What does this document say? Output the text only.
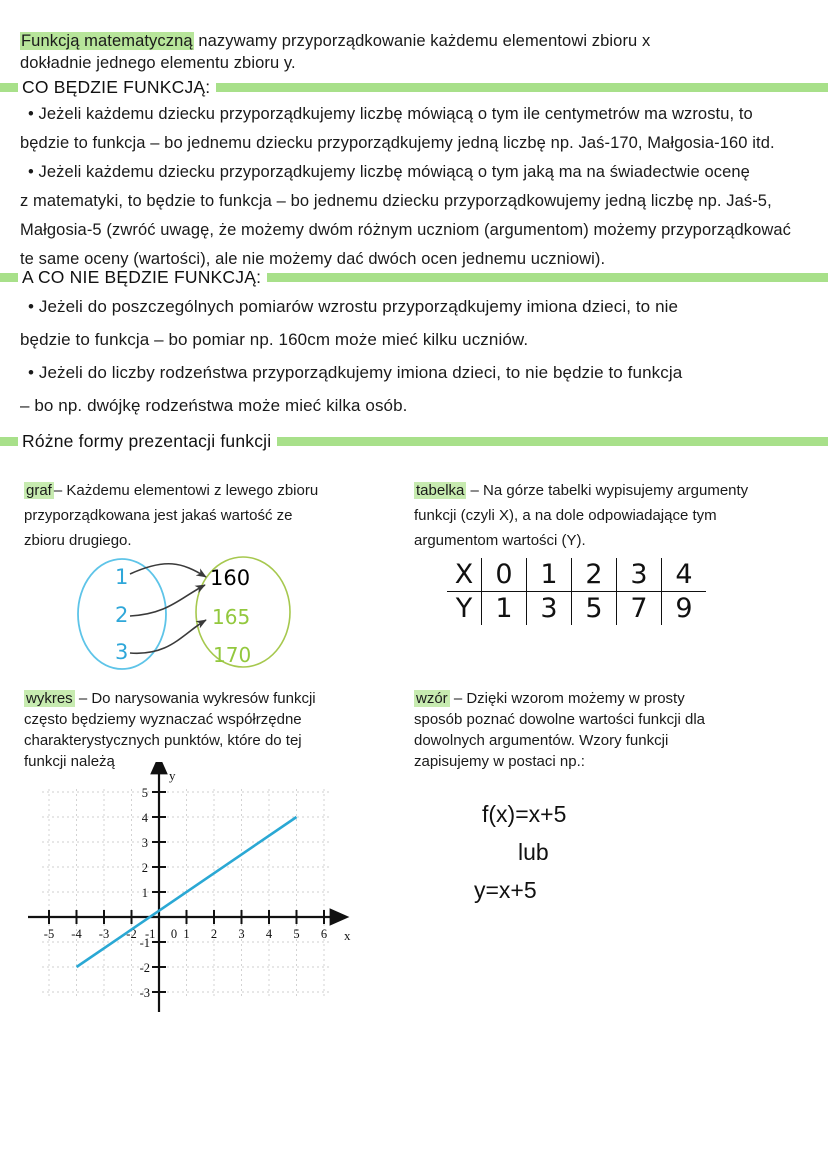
Funkcją matematyczną nazywamy przyporządkowanie każdemu elementowi zbioru x
dokładnie jednego elementu zbioru y.
CO BĘDZIE FUNKCJĄ:

• Jeżeli każdemu dziecku przyporządkujemy liczbę mówiącą o tym ile centymetrów ma wzrostu, to

będzie to funkcja – bo jednemu dziecku przyporządkujemy jedną liczbę np. Jaś-170, Małgosia-160 itd.

• Jeżeli każdemu dziecku przyporządkujemy liczbę mówiącą o tym jaką ma na świadectwie ocenę

z matematyki, to będzie to funkcja – bo jednemu dziecku przyporządkowujemy jedną liczbę np. Jaś-5,

Małgosia-5 (zwróć uwagę, że możemy dwóm różnym uczniom (argumentom) możemy przyporządkować

te same oceny (wartości), ale nie możemy dać dwóch ocen jednemu uczniowi).

A CO NIE BĘDZIE FUNKCJĄ:

• Jeżeli do poszczególnych pomiarów wzrostu przyporządkujemy imiona dzieci, to nie

będzie to funkcja – bo pomiar np. 160cm może mieć kilku uczniów.

• Jeżeli do liczby rodzeństwa przyporządkujemy imiona dzieci, to nie będzie to funkcja

– bo np. dwójkę rodzeństwa może mieć kilka osób.

Różne formy prezentacji funkcji
graf – Każdemu elementowi z lewego zbioru
przyporządkowana jest jakaś wartość ze
zbioru drugiego.
tabelka – Na górze tabelki wypisujemy argumenty
funkcji (czyli X), a na dole odpowiadające tym
argumentom wartości (Y).
1
2
3
160
165
170
X	0	1	2	3	4
Y	1	3	5	7	9
wykres – Do narysowania wykresów funkcji
często będziemy wyznaczać współrzędne
charakterystycznych punktów, które do tej
funkcji należą
wzór – Dzięki wzorom możemy w prosty
sposób poznać dowolne wartości funkcji dla
dowolnych argumentów. Wzory funkcji
zapisujemy w postaci np.:
f(x)=x+5
lub
y=x+5
-5 -4 -3 -2 -1 0 1 2 3 4 5 6
5
4
3
2
1
-1
-2
-3
x
y
